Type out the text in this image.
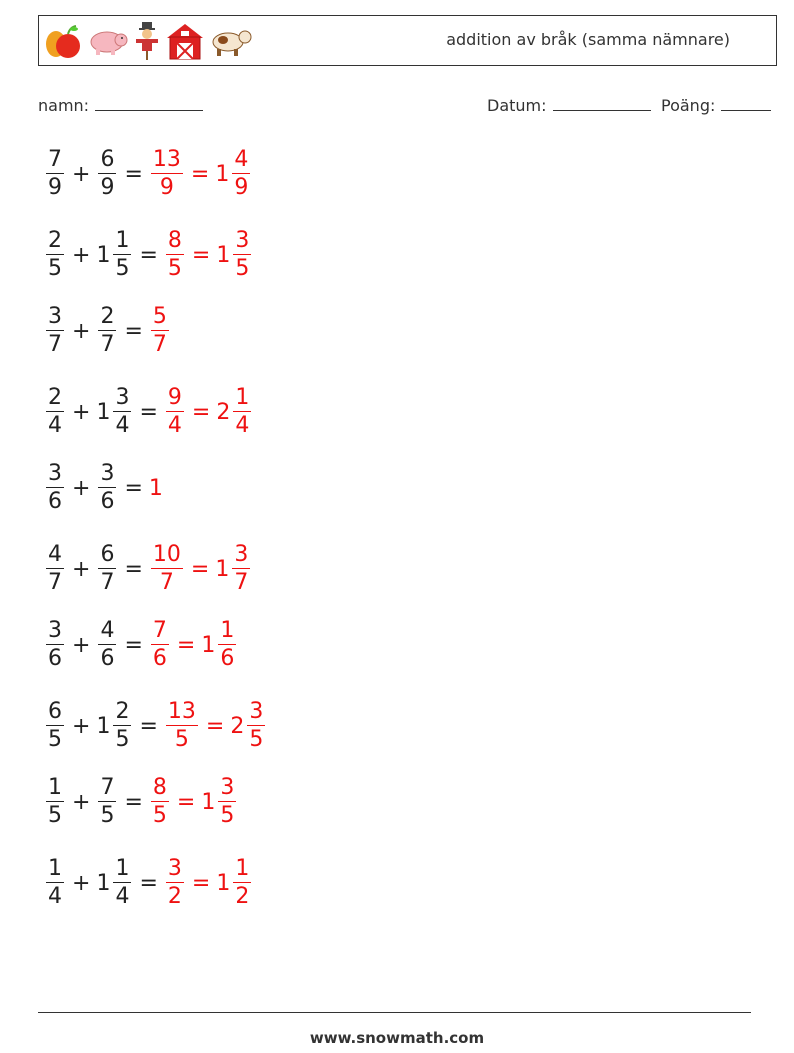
addition av bråk (samma nämnare)
namn:	Datum:	Poäng:
$\frac{7}{9} + \frac{6}{9} = \frac{13}{9} = 1 \frac{4}{9}$
$\frac{2}{5} + 1 \frac{1}{5} = \frac{8}{5} = 1 \frac{3}{5}$
$\frac{3}{7} + \frac{2}{7} = \frac{5}{7}$
$\frac{2}{4} + 1 \frac{3}{4} = \frac{9}{4} = 2 \frac{1}{4}$
$\frac{3}{6} + \frac{3}{6} = 1$
$\frac{4}{7} + \frac{6}{7} = \frac{10}{7} = 1 \frac{3}{7}$
$\frac{3}{6} + \frac{4}{6} = \frac{7}{6} = 1 \frac{1}{6}$
$\frac{6}{5} + 1 \frac{2}{5} = \frac{13}{5} = 2 \frac{3}{5}$
$\frac{1}{5} + \frac{7}{5} = \frac{8}{5} = 1 \frac{3}{5}$
$\frac{1}{4} + 1 \frac{1}{4} = \frac{3}{2} = 1 \frac{1}{2}$
www.snowmath.com
